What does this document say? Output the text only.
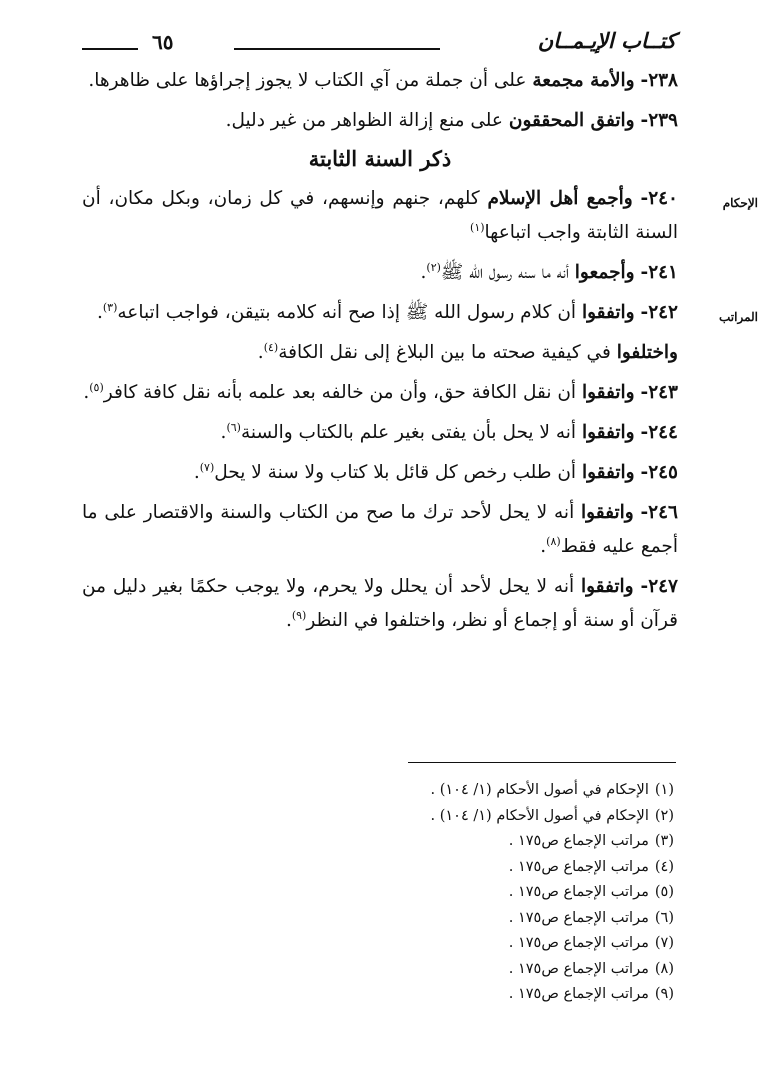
كتــاب الإيـمــان
٦٥

٢٣٨- والأمة مجمعة على أن جملة من آي الكتاب لا يجوز إجراؤها على ظاهرها.

٢٣٩- واتفق المحققون على منع إزالة الظواهر من غير دليل.

ذكر السنة الثابتة

الإحكام
٢٤٠- وأجمع أهل الإسلام كلهم، جنهم وإنسهم، في كل زمان، وبكل مكان، أن السنة الثابتة واجب اتباعها$^{(١)}$

٢٤١- وأجمعوا أنه ما سنه رسول الله ﷺ$^{(٢)}$.

المراتب
٢٤٢- واتفقوا أن كلام رسول الله ﷺ إذا صح أنه كلامه بتيقن، فواجب اتباعه$^{(٣)}$.

واختلفوا في كيفية صحته ما بين البلاغ إلى نقل الكافة$^{(٤)}$.

٢٤٣- واتفقوا أن نقل الكافة حق، وأن من خالفه بعد علمه بأنه نقل كافة كافر$^{(٥)}$.

٢٤٤- واتفقوا أنه لا يحل بأن يفتى بغير علم بالكتاب والسنة$^{(٦)}$.

٢٤٥- واتفقوا أن طلب رخص كل قائل بلا كتاب ولا سنة لا يحل$^{(٧)}$.

٢٤٦- واتفقوا أنه لا يحل لأحد ترك ما صح من الكتاب والسنة والاقتصار على ما أجمع عليه فقط$^{(٨)}$.

٢٤٧- واتفقوا أنه لا يحل لأحد أن يحلل ولا يحرم، ولا يوجب حكمًا بغير دليل من قرآن أو سنة أو إجماع أو نظر، واختلفوا في النظر$^{(٩)}$.

(١)الإحكام في أصول الأحكام (١/ ١٠٤) .
(٢)الإحكام في أصول الأحكام (١/ ١٠٤) .
(٣)مراتب الإجماع ص١٧٥ .
(٤)مراتب الإجماع ص١٧٥ .
(٥)مراتب الإجماع ص١٧٥ .
(٦)مراتب الإجماع ص١٧٥ .
(٧)مراتب الإجماع ص١٧٥ .
(٨)مراتب الإجماع ص١٧٥ .
(٩)مراتب الإجماع ص١٧٥ .
